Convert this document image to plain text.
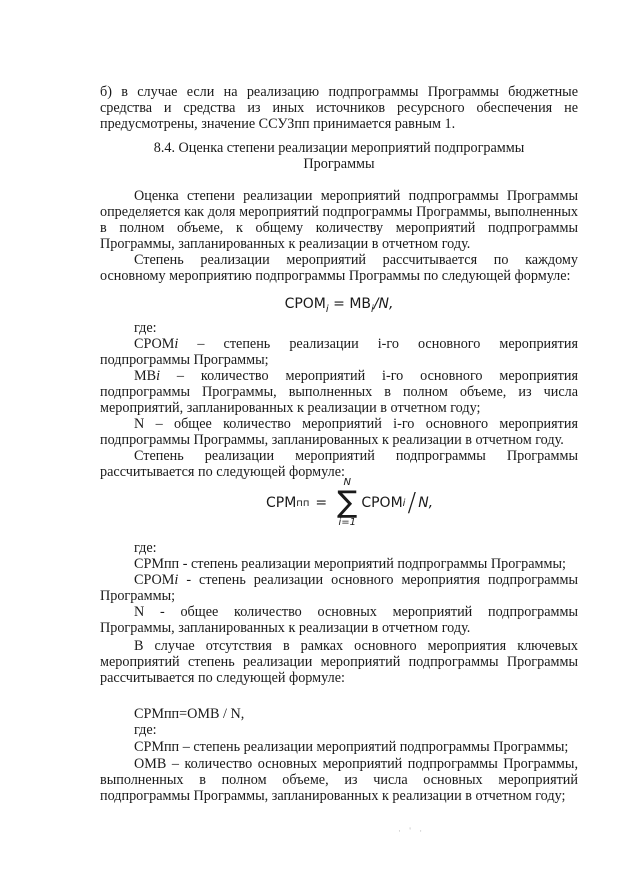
б) в случае если на реализацию подпрограммы Программы бюджетные

средства и средства из иных источников ресурсного обеспечения не

предусмотрены, значение ССУЗпп принимается равным 1.

8.4. Оценка степени реализации мероприятий подпрограммы

Программы

Оценка степени реализации мероприятий подпрограммы Программы определяется как доля мероприятий подпрограммы Программы, выполненных в полном объеме, к общему количеству мероприятий подпрограммы Программы, запланированных к реализации в отчетном году.

Степень реализации мероприятий рассчитывается по каждому основному мероприятию подпрограммы Программы по следующей формуле:

$СРОМ_i = МВ_i/N$,

где:

СРОМi – степень реализации i-го основного мероприятия подпрограммы Программы;

МВi – количество мероприятий i-го основного мероприятия подпрограммы Программы, выполненных в полном объеме, из числа мероприятий, запланированных к реализации в отчетном году;

N – общее количество мероприятий i-го основного мероприятия подпрограммы Программы, запланированных к реализации в отчетном году.

Степень реализации мероприятий подпрограммы Программы рассчитывается по следующей формуле:

СРМ пп =
N
∑
i=1
СРОМ i / N,

где:

СРМпп - степень реализации мероприятий подпрограммы Программы;

СРОМi - степень реализации основного мероприятия подпрограммы Программы;

N - общее количество основных мероприятий подпрограммы Программы, запланированных к реализации в отчетном году.

В случае отсутствия в рамках основного мероприятия ключевых мероприятий степень реализации мероприятий подпрограммы Программы рассчитывается по следующей формуле:

СРМпп=ОМВ / N,

где:

СРМпп – степень реализации мероприятий подпрограммы Программы;

ОМВ – количество основных мероприятий подпрограммы Программы, выполненных в полном объеме, из числа основных мероприятий подпрограммы Программы, запланированных к реализации в отчетном году;

· ' ·
